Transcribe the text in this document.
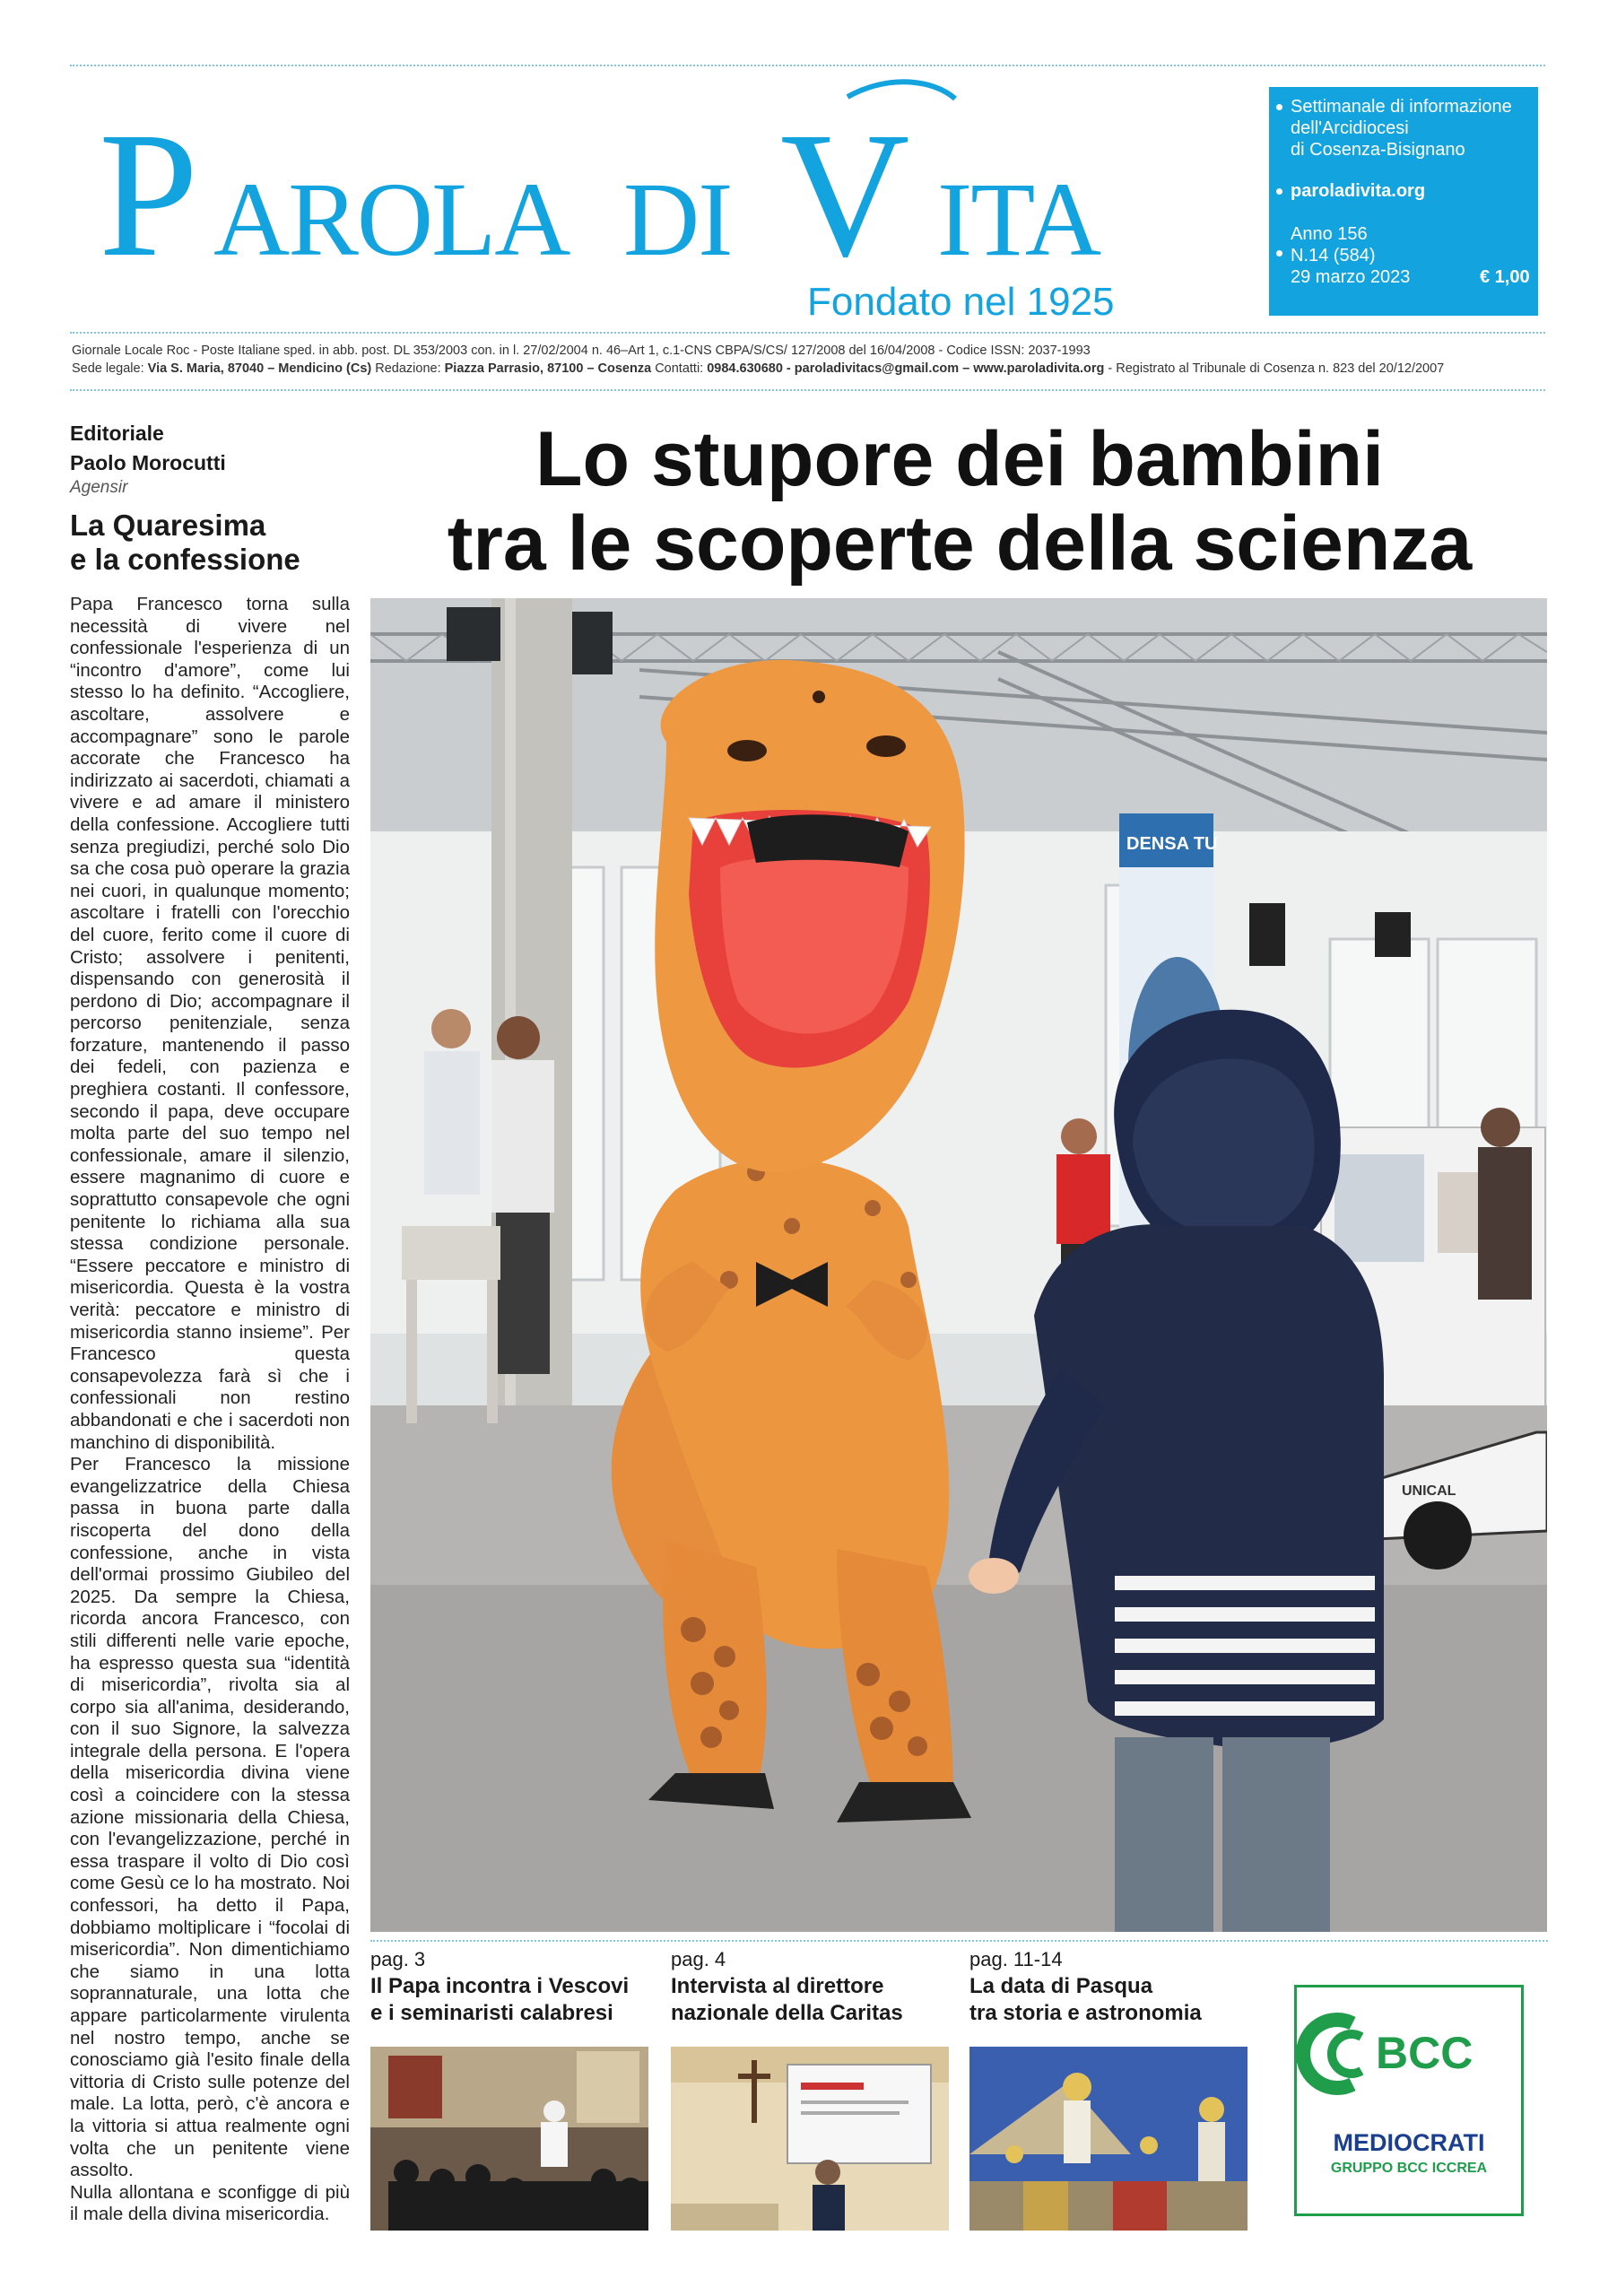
P AROLA DI V ITA
Fondato nel 1925
Settimanale di informazione
dell'Arcidiocesi
di Cosenza-Bisignano
paroladivita.org
Anno 156
N.14 (584)
29 marzo 2023	€ 1,00
Giornale Locale Roc - Poste Italiane sped. in abb. post. DL 353/2003 con. in l. 27/02/2004 n. 46–Art 1, c.1-CNS CBPA/S/CS/ 127/2008 del 16/04/2008 - Codice ISSN: 2037-1993
Sede legale: Via S. Maria, 87040 – Mendicino (Cs) Redazione: Piazza Parrasio, 87100 – Cosenza Contatti: 0984.630680 - paroladivitacs@gmail.com – www.paroladivita.org - Registrato al Tribunale di Cosenza n. 823 del 20/12/2007
Editoriale
Paolo Morocutti
Agensir
La Quaresima
e la confessione

Papa Francesco torna sulla necessità di vivere nel confessionale l'esperienza di un “incontro d'amore”, come lui stesso lo ha definito. “Accogliere, ascoltare, assolvere e accompagnare” sono le parole accorate che Francesco ha indirizzato ai sacerdoti, chiamati a vivere e ad amare il ministero della confessione. Accogliere tutti senza pregiudizi, perché solo Dio sa che cosa può operare la grazia nei cuori, in qualunque momento; ascoltare i fratelli con l'orecchio del cuore, ferito come il cuore di Cristo; assolvere i penitenti, dispensando con generosità il perdono di Dio; accompagnare il percorso penitenziale, senza forzature, mantenendo il passo dei fedeli, con pazienza e preghiera costanti. Il confessore, secondo il papa, deve occupare molta parte del suo tempo nel confessionale, amare il silenzio, essere magnanimo di cuore e soprattutto consapevole che ogni penitente lo richiama alla sua stessa condizione personale. “Essere peccatore e ministro di misericordia. Questa è la vostra verità: peccatore e ministro di misericordia stanno insieme”. Per Francesco questa consapevolezza farà sì che i confessionali non restino abbandonati e che i sacerdoti non manchino di disponibilità.

Per Francesco la missione evangelizzatrice della Chiesa passa in buona parte dalla riscoperta del dono della confessione, anche in vista dell'ormai prossimo Giubileo del 2025. Da sempre la Chiesa, ricorda ancora Francesco, con stili differenti nelle varie epoche, ha espresso questa sua “identità di misericordia”, rivolta sia al corpo sia all'anima, desiderando, con il suo Signore, la salvezza integrale della persona. E l'opera della misericordia divina viene così a coincidere con la stessa azione missionaria della Chiesa, con l'evangelizzazione, perché in essa traspare il volto di Dio così come Gesù ce lo ha mostrato. Noi confessori, ha detto il Papa, dobbiamo moltiplicare i “focolai di misericordia”. Non dimentichiamo che siamo in una lotta soprannaturale, una lotta che appare particolarmente virulenta nel nostro tempo, anche se conosciamo già l'esito finale della vittoria di Cristo sulle potenze del male. La lotta, però, c'è ancora e la vittoria si attua realmente ogni volta che un penitente viene assolto.

Nulla allontana e sconfigge di più il male della divina misericordia.

Lo stupore dei bambini
tra le scoperte della scienza
DENSA TU
UNICAL
pag. 3
Il Papa incontra i Vescovi
e i seminaristi calabresi
pag. 4
Intervista al direttore
nazionale della Caritas
pag. 11-14
La data di Pasqua
tra storia e astronomia
BCC
MEDIOCRATI
GRUPPO BCC ICCREA
